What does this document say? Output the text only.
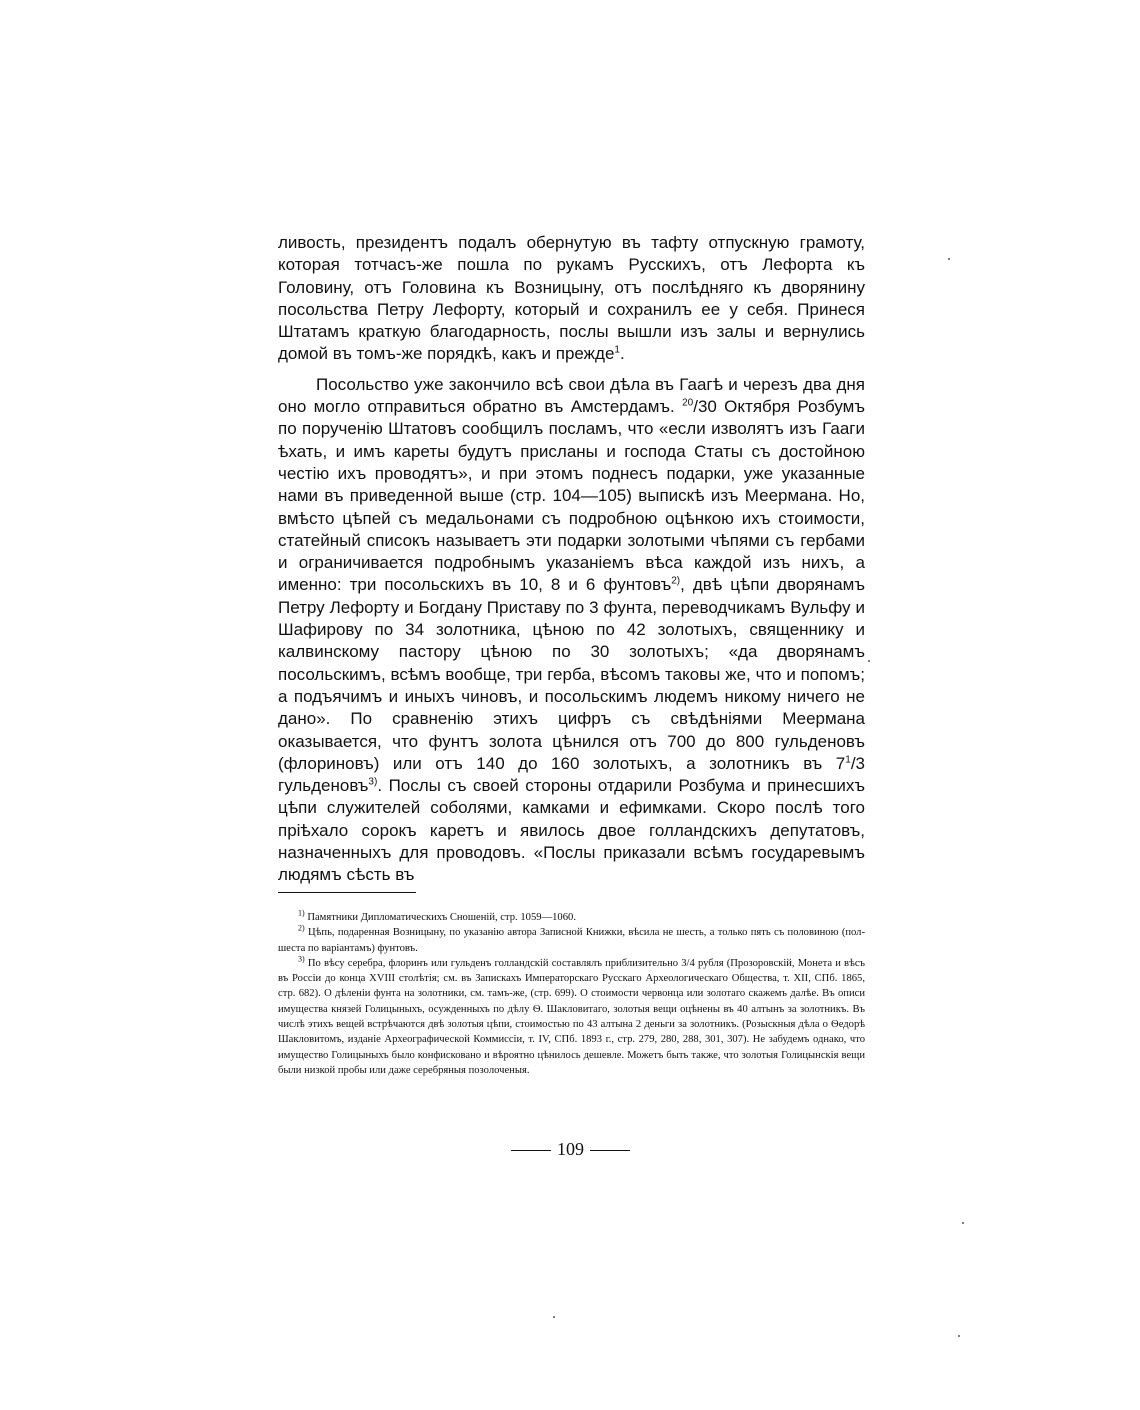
ливость, президентъ подалъ обернутую въ тафту отпускную грамоту, которая тотчасъ-же пошла по рукамъ Русскихъ, отъ Лефорта къ Головину, отъ Головина къ Возницыну, отъ послѣдняго къ дворянину посольства Петру Лефорту, который и сохранилъ ее у себя. Принеся Штатамъ краткую благодарность, послы вышли изъ залы и вернулись домой въ томъ-же порядкѣ, какъ и прежде$^1$.

Посольство уже закончило всѣ свои дѣла въ Гаагѣ и черезъ два дня оно могло отправиться обратно въ Амстердамъ. $^{20}$/30 Октября Розбумъ по порученію Штатовъ сообщилъ посламъ, что «если изволятъ изъ Гааги ѣхать, и имъ кареты будутъ присланы и господа Статы съ достойною честію ихъ проводятъ», и при этомъ поднесъ подарки, уже указанные нами въ приведенной выше (стр. 104—105) выпискѣ изъ Меермана. Но, вмѣсто цѣпей съ медальонами съ подробною оцѣнкою ихъ стоимости, статейный списокъ называетъ эти подарки золотыми чѣпями съ гербами и ограничивается подробнымъ указаніемъ вѣса каждой изъ нихъ, а именно: три посольскихъ въ 10, 8 и 6 фунтовъ$^{2)}$, двѣ цѣпи дворянамъ Петру Лефорту и Богдану Приставу по 3 фунта, переводчикамъ Вульфу и Шафирову по 34 золотника, цѣною по 42 золотыхъ, священнику и калвинскому пастору цѣною по 30 золотыхъ; «да дворянамъ посольскимъ, всѣмъ вообще, три герба, вѣсомъ таковы же, что и попомъ; а подъячимъ и иныхъ чиновъ, и посольскимъ людемъ никому ничего не дано». По сравненію этихъ цифръ съ свѣдѣніями Меермана оказывается, что фунтъ золота цѣнился отъ 700 до 800 гульденовъ (флориновъ) или отъ 140 до 160 золотыхъ, а золотникъ въ $7^1/3$ гульденовъ$^{3)}$. Послы съ своей стороны отдарили Розбума и принесшихъ цѣпи служителей соболями, камками и ефимками. Скоро послѣ того пріѣхало сорокъ каретъ и явилось двое голландскихъ депутатовъ, назначенныхъ для проводовъ. «Послы приказали всѣмъ государевымъ людямъ сѣсть въ

$^{1)}$ Памятники Дипломатическихъ Сношеній, стр. 1059—1060.

$^{2)}$ Цѣпь, подаренная Возницыну, по указанію автора Записной Книжки, вѣсила не шесть, а только пять съ половиною (пол-шеста по варіантамъ) фунтовъ.

$^{3)}$ По вѣсу серебра, флоринъ или гульденъ голландскій составлялъ приблизительно 3/4 рубля (Прозоровскій, Монета и вѣсъ въ Россіи до конца XVIII столѣтія; см. въ Запискахъ Императорскаго Русскаго Археологическаго Общества, т. XII, СПб. 1865, стр. 682). О дѣленіи фунта на золотники, см. тамъ-же, (стр. 699). О стоимости червонца или золотаго скажемъ далѣе. Въ описи имущества князей Голицыныхъ, осужденныхъ по дѣлу Ѳ. Шакловитаго, золотыя вещи оцѣнены въ 40 алтынъ за золотникъ. Въ числѣ этихъ вещей встрѣчаются двѣ золотыя цѣпи, стоимостью по 43 алтына 2 деньги за золотникъ. (Розыскныя дѣла о Ѳедорѣ Шакловитомъ, изданіе Археографической Коммиссіи, т. IV, СПб. 1893 г., стр. 279, 280, 288, 301, 307). Не забудемъ однако, что имущество Голицыныхъ было конфисковано и вѣроятно цѣнилось дешевле. Можетъ быть также, что золотыя Голицынскія вещи были низкой пробы или даже серебряныя позолоченыя.

109
